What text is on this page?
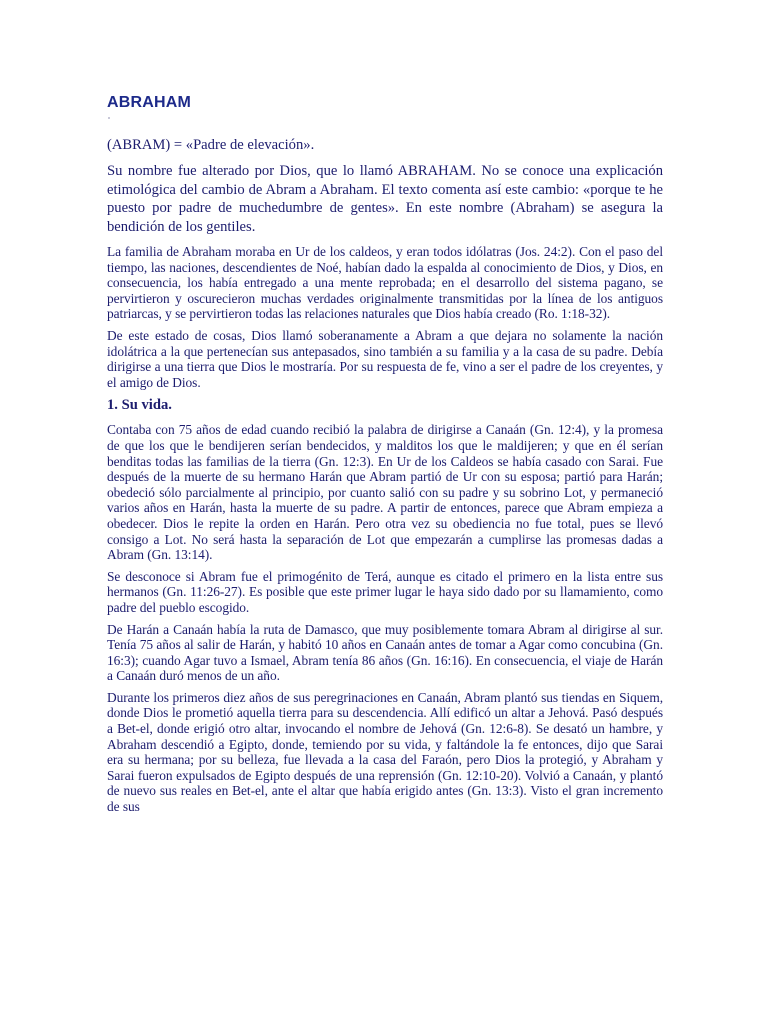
ABRAHAM

(ABRAM) = «Padre de elevación».

Su nombre fue alterado por Dios, que lo llamó ABRAHAM. No se conoce una explicación etimológica del cambio de Abram a Abraham. El texto comenta así este cambio: «porque te he puesto por padre de muchedumbre de gentes». En este nombre (Abraham) se asegura la bendición de los gentiles.

La familia de Abraham moraba en Ur de los caldeos, y eran todos idólatras (Jos. 24:2). Con el paso del tiempo, las naciones, descendientes de Noé, habían dado la espalda al conocimiento de Dios, y Dios, en consecuencia, los había entregado a una mente reprobada; en el desarrollo del sistema pagano, se pervirtieron y oscurecieron muchas verdades originalmente transmitidas por la línea de los antiguos patriarcas, y se pervirtieron todas las relaciones naturales que Dios había creado (Ro. 1:18-32).

De este estado de cosas, Dios llamó soberanamente a Abram a que dejara no solamente la nación idolátrica a la que pertenecían sus antepasados, sino también a su familia y a la casa de su padre. Debía dirigirse a una tierra que Dios le mostraría. Por su respuesta de fe, vino a ser el padre de los creyentes, y el amigo de Dios.

1. Su vida.

Contaba con 75 años de edad cuando recibió la palabra de dirigirse a Canaán (Gn. 12:4), y la promesa de que los que le bendijeren serían bendecidos, y malditos los que le maldijeren; y que en él serían benditas todas las familias de la tierra (Gn. 12:3). En Ur de los Caldeos se había casado con Sarai. Fue después de la muerte de su hermano Harán que Abram partió de Ur con su esposa; partió para Harán; obedeció sólo parcialmente al principio, por cuanto salió con su padre y su sobrino Lot, y permaneció varios años en Harán, hasta la muerte de su padre. A partir de entonces, parece que Abram empieza a obedecer. Dios le repite la orden en Harán. Pero otra vez su obediencia no fue total, pues se llevó consigo a Lot. No será hasta la separación de Lot que empezarán a cumplirse las promesas dadas a Abram (Gn. 13:14).

Se desconoce si Abram fue el primogénito de Terá, aunque es citado el primero en la lista entre sus hermanos (Gn. 11:26-27). Es posible que este primer lugar le haya sido dado por su llamamiento, como padre del pueblo escogido.

De Harán a Canaán había la ruta de Damasco, que muy posiblemente tomara Abram al dirigirse al sur. Tenía 75 años al salir de Harán, y habitó 10 años en Canaán antes de tomar a Agar como concubina (Gn. 16:3); cuando Agar tuvo a Ismael, Abram tenía 86 años (Gn. 16:16). En consecuencia, el viaje de Harán a Canaán duró menos de un año.

Durante los primeros diez años de sus peregrinaciones en Canaán, Abram plantó sus tiendas en Siquem, donde Dios le prometió aquella tierra para su descendencia. Allí edificó un altar a Jehová. Pasó después a Bet-el, donde erigió otro altar, invocando el nombre de Jehová (Gn. 12:6-8). Se desató un hambre, y Abraham descendió a Egipto, donde, temiendo por su vida, y faltándole la fe entonces, dijo que Sarai era su hermana; por su belleza, fue llevada a la casa del Faraón, pero Dios la protegió, y Abraham y Sarai fueron expulsados de Egipto después de una reprensión (Gn. 12:10-20). Volvió a Canaán, y plantó de nuevo sus reales en Bet-el, ante el altar que había erigido antes (Gn. 13:3). Visto el gran incremento de sus
